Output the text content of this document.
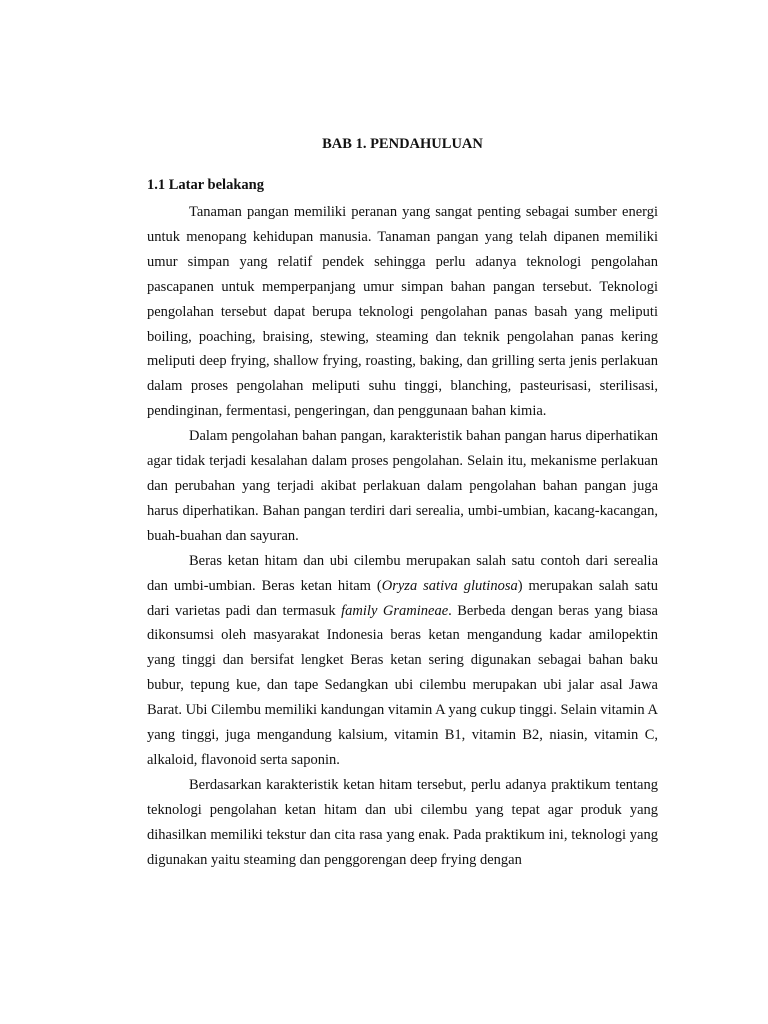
BAB 1. PENDAHULUAN
1.1 Latar belakang

Tanaman pangan memiliki peranan yang sangat penting sebagai sumber energi untuk menopang kehidupan manusia. Tanaman pangan yang telah dipanen memiliki umur simpan yang relatif pendek sehingga perlu adanya teknologi pengolahan pascapanen untuk memperpanjang umur simpan bahan pangan tersebut. Teknologi pengolahan tersebut dapat berupa teknologi pengolahan panas basah yang meliputi boiling, poaching, braising, stewing, steaming dan teknik pengolahan panas kering meliputi deep frying, shallow frying, roasting, baking, dan grilling serta jenis perlakuan dalam proses pengolahan meliputi suhu tinggi, blanching, pasteurisasi, sterilisasi, pendinginan, fermentasi, pengeringan, dan penggunaan bahan kimia.

Dalam pengolahan bahan pangan, karakteristik bahan pangan harus diperhatikan agar tidak terjadi kesalahan dalam proses pengolahan. Selain itu, mekanisme perlakuan dan perubahan yang terjadi akibat perlakuan dalam pengolahan bahan pangan juga harus diperhatikan. Bahan pangan terdiri dari serealia, umbi-umbian, kacang-kacangan, buah-buahan dan sayuran.

Beras ketan hitam dan ubi cilembu merupakan salah satu contoh dari serealia dan umbi-umbian. Beras ketan hitam (Oryza sativa glutinosa) merupakan salah satu dari varietas padi dan termasuk family Gramineae. Berbeda dengan beras yang biasa dikonsumsi oleh masyarakat Indonesia beras ketan mengandung kadar amilopektin yang tinggi dan bersifat lengket Beras ketan sering digunakan sebagai bahan baku bubur, tepung kue, dan tape Sedangkan ubi cilembu merupakan ubi jalar asal Jawa Barat. Ubi Cilembu memiliki kandungan vitamin A yang cukup tinggi. Selain vitamin A yang tinggi, juga mengandung kalsium, vitamin B1, vitamin B2, niasin, vitamin C, alkaloid, flavonoid serta saponin.

Berdasarkan karakteristik ketan hitam tersebut, perlu adanya praktikum tentang teknologi pengolahan ketan hitam dan ubi cilembu yang tepat agar produk yang dihasilkan memiliki tekstur dan cita rasa yang enak. Pada praktikum ini, teknologi yang digunakan yaitu steaming dan penggorengan deep frying dengan
